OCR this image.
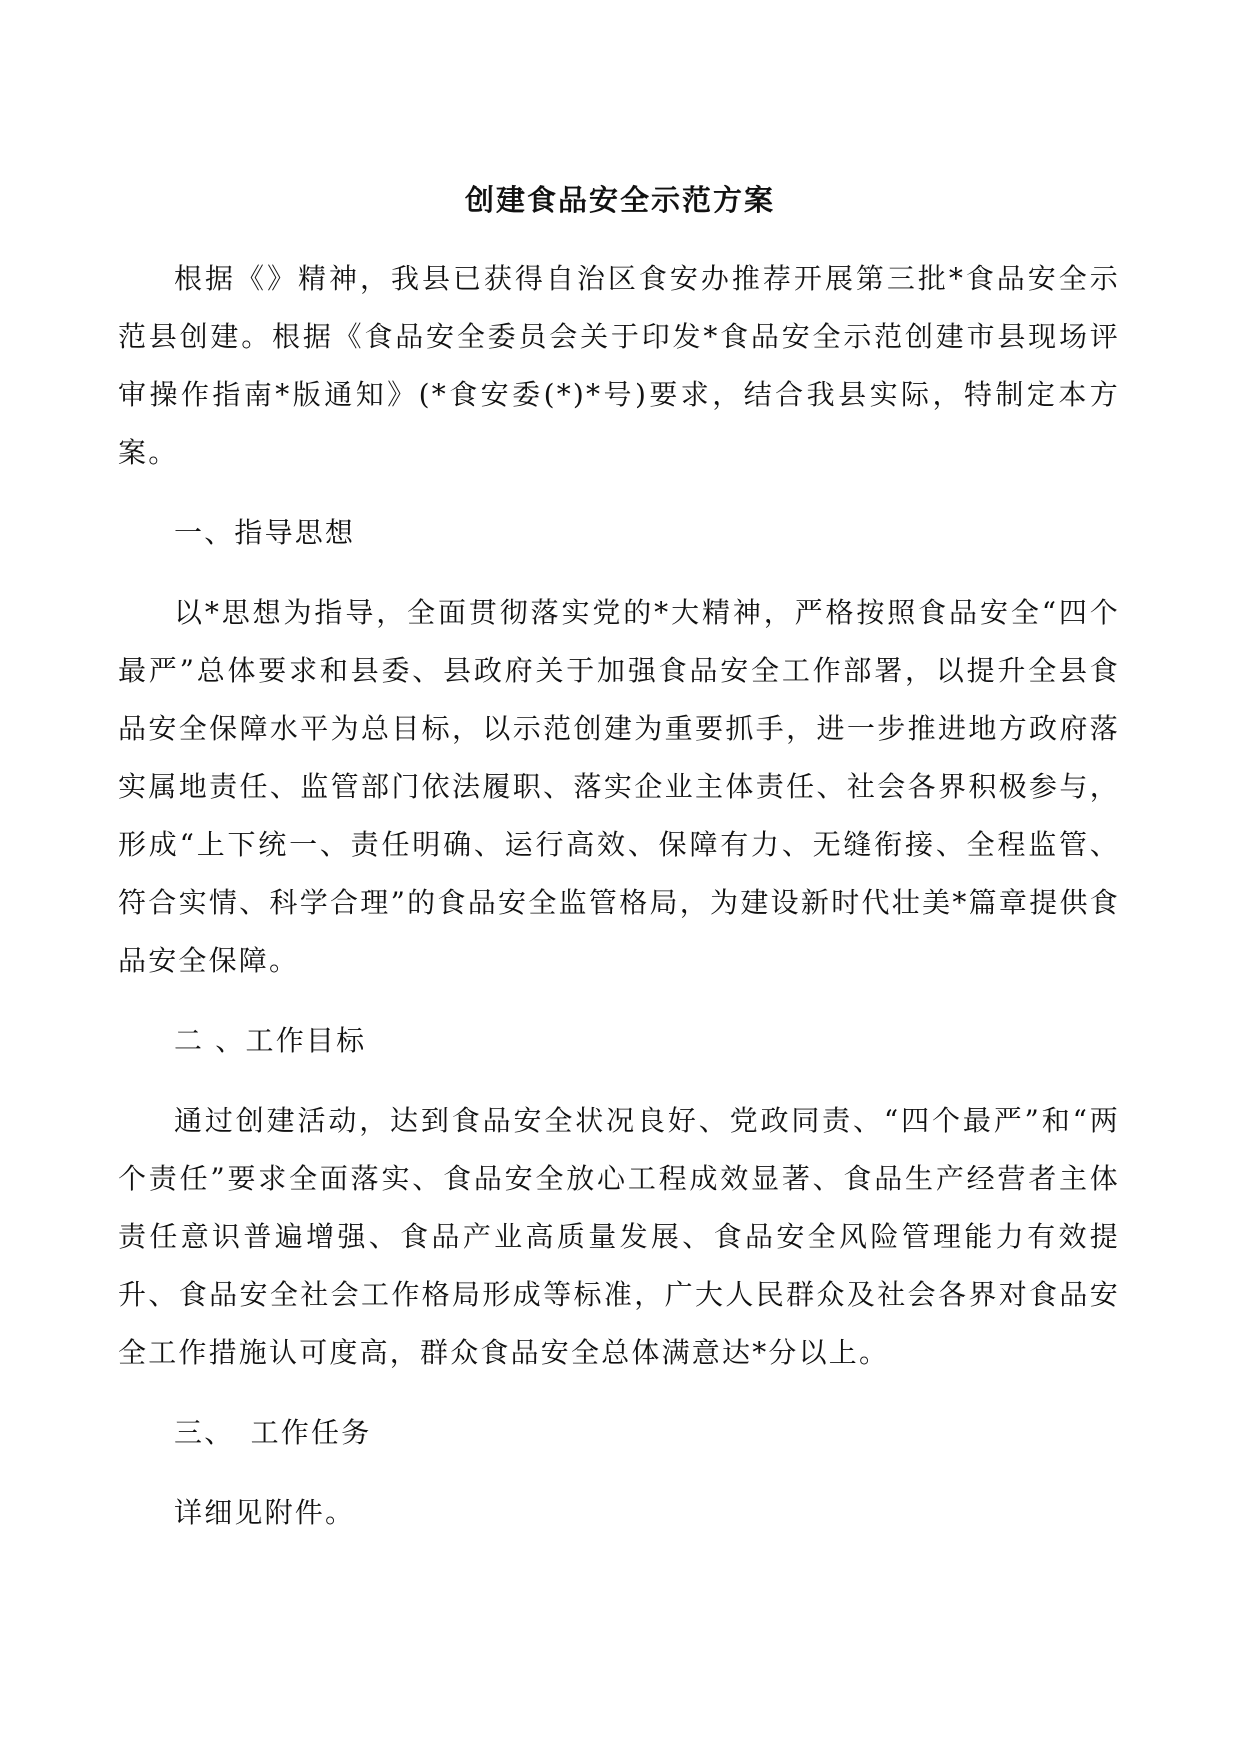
创建食品安全示范方案

根据《》精神，我县已获得自治区食安办推荐开展第三批*食品安全示范县创建。根据《食品安全委员会关于印发*食品安全示范创建市县现场评审操作指南*版通知》(*食安委(*)*号)要求，结合我县实际，特制定本方案。

一、指导思想

以*思想为指导，全面贯彻落实党的*大精神，严格按照食品安全“四个最严”总体要求和县委、县政府关于加强食品安全工作部署，以提升全县食品安全保障水平为总目标，以示范创建为重要抓手，进一步推进地方政府落实属地责任、监管部门依法履职、落实企业主体责任、社会各界积极参与，形成“上下统一、责任明确、运行高效、保障有力、无缝衔接、全程监管、符合实情、科学合理”的食品安全监管格局，为建设新时代壮美*篇章提供食品安全保障。

二 、工作目标

通过创建活动，达到食品安全状况良好、党政同责、“四个最严”和“两个责任”要求全面落实、食品安全放心工程成效显著、食品生产经营者主体责任意识普遍增强、食品产业高质量发展、食品安全风险管理能力有效提升、食品安全社会工作格局形成等标准，广大人民群众及社会各界对食品安全工作措施认可度高，群众食品安全总体满意达*分以上。

三、　工作任务

详细见附件。
